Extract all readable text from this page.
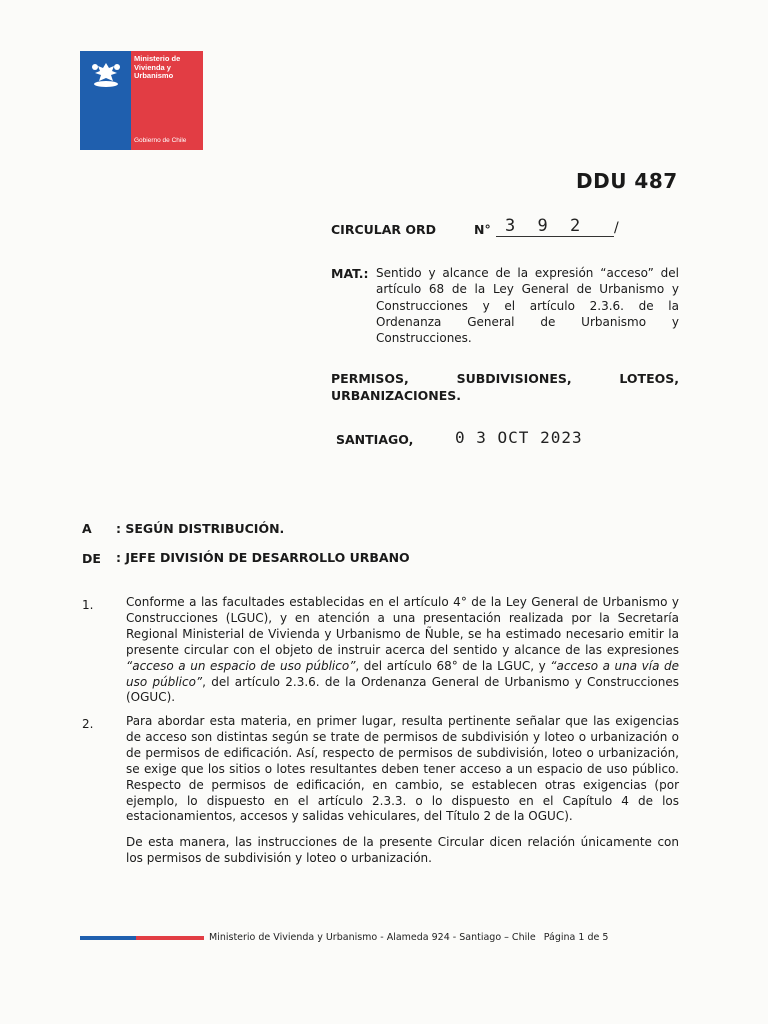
Ministerio de
Vivienda y
Urbanismo
Gobierno de Chile
DDU 487
CIRCULAR ORD	N° 3 9 2 /
MAT.: Sentido y alcance de la expresión “acceso” del artículo 68 de la Ley General de Urbanismo y Construcciones y el artículo 2.3.6. de la Ordenanza General de Urbanismo y Construcciones.
PERMISOS,	SUBDIVISIONES,	LOTEOS,
URBANIZACIONES.
SANTIAGO,	0 3 OCT 2023
A : SEGÚN DISTRIBUCIÓN.
DE : JEFE DIVISIÓN DE DESARROLLO URBANO
1.	Conforme a las facultades establecidas en el artículo 4° de la Ley General de Urbanismo y Construcciones (LGUC), y en atención a una presentación realizada por la Secretaría Regional Ministerial de Vivienda y Urbanismo de Ñuble, se ha estimado necesario emitir la presente circular con el objeto de instruir acerca del sentido y alcance de las expresiones “acceso a un espacio de uso público”, del artículo 68° de la LGUC, y “acceso a una vía de uso público”, del artículo 2.3.6. de la Ordenanza General de Urbanismo y Construcciones (OGUC).
2.	Para abordar esta materia, en primer lugar, resulta pertinente señalar que las exigencias de acceso son distintas según se trate de permisos de subdivisión y loteo o urbanización o de permisos de edificación. Así, respecto de permisos de subdivisión, loteo o urbanización, se exige que los sitios o lotes resultantes deben tener acceso a un espacio de uso público. Respecto de permisos de edificación, en cambio, se establecen otras exigencias (por ejemplo, lo dispuesto en el artículo 2.3.3. o lo dispuesto en el Capítulo 4 de los estacionamientos, accesos y salidas vehiculares, del Título 2 de la OGUC).
De esta manera, las instrucciones de la presente Circular dicen relación únicamente con los permisos de subdivisión y loteo o urbanización.
Ministerio de Vivienda y Urbanismo - Alameda 924 - Santiago – Chile Página 1 de 5
